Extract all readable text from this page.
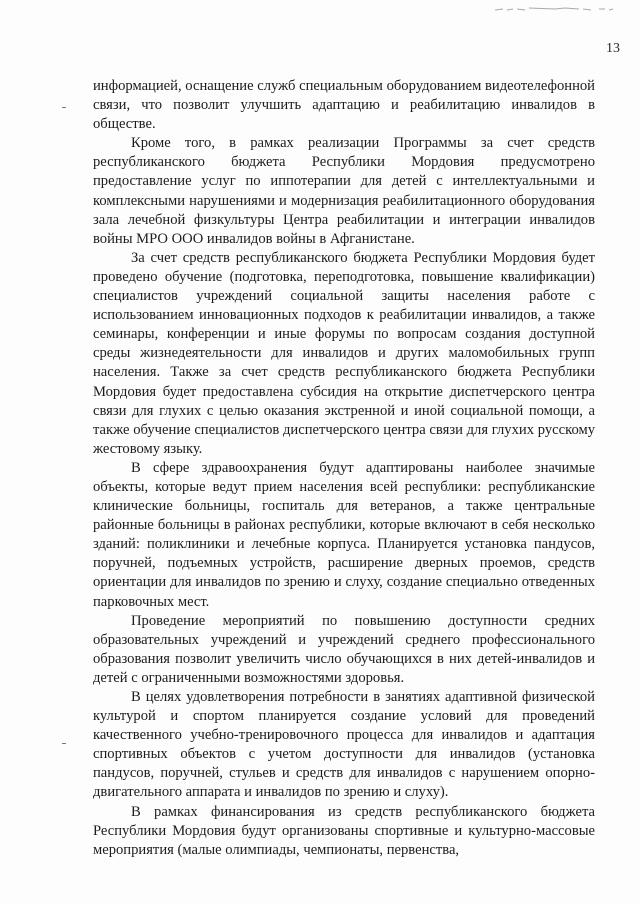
13

информацией, оснащение служб специальным оборудованием видеотелефонной связи, что позволит улучшить адаптацию и реабилитацию инвалидов в обществе.

Кроме того, в рамках реализации Программы за счет средств республиканского бюджета Республики Мордовия предусмотрено предоставление услуг по иппотерапии для детей с интеллектуальными и комплексными нарушениями и модернизация реабилитационного оборудования зала лечебной физкультуры Центра реабилитации и интеграции инвалидов войны МРО ООО инвалидов войны в Афганистане.

За счет средств республиканского бюджета Республики Мордовия будет проведено обучение (подготовка, переподготовка, повышение квалификации) специалистов учреждений социальной защиты населения работе с использованием инновационных подходов к реабилитации инвалидов, а также семинары, конференции и иные форумы по вопросам создания доступной среды жизнедеятельности для инвалидов и других маломобильных групп населения. Также за счет средств республиканского бюджета Республики Мордовия будет предоставлена субсидия на открытие диспетчерского центра связи для глухих с целью оказания экстренной и иной социальной помощи, а также обучение специалистов диспетчерского центра связи для глухих русскому жестовому языку.

В сфере здравоохранения будут адаптированы наиболее значимые объекты, которые ведут прием населения всей республики: республиканские клинические больницы, госпиталь для ветеранов, а также центральные районные больницы в районах республики, которые включают в себя несколько зданий: поликлиники и лечебные корпуса. Планируется установка пандусов, поручней, подъемных устройств, расширение дверных проемов, средств ориентации для инвалидов по зрению и слуху, создание специально отведенных парковочных мест.

Проведение мероприятий по повышению доступности средних образовательных учреждений и учреждений среднего профессионального образования позволит увеличить число обучающихся в них детей-инвалидов и детей с ограниченными возможностями здоровья.

В целях удовлетворения потребности в занятиях адаптивной физической культурой и спортом планируется создание условий для проведений качественного учебно-тренировочного процесса для инвалидов и адаптация спортивных объектов с учетом доступности для инвалидов (установка пандусов, поручней, стульев и средств для инвалидов с нарушением опорно-двигательного аппарата и инвалидов по зрению и слуху).

В рамках финансирования из средств республиканского бюджета Республики Мордовия будут организованы спортивные и культурно-массовые мероприятия (малые олимпиады, чемпионаты, первенства,
